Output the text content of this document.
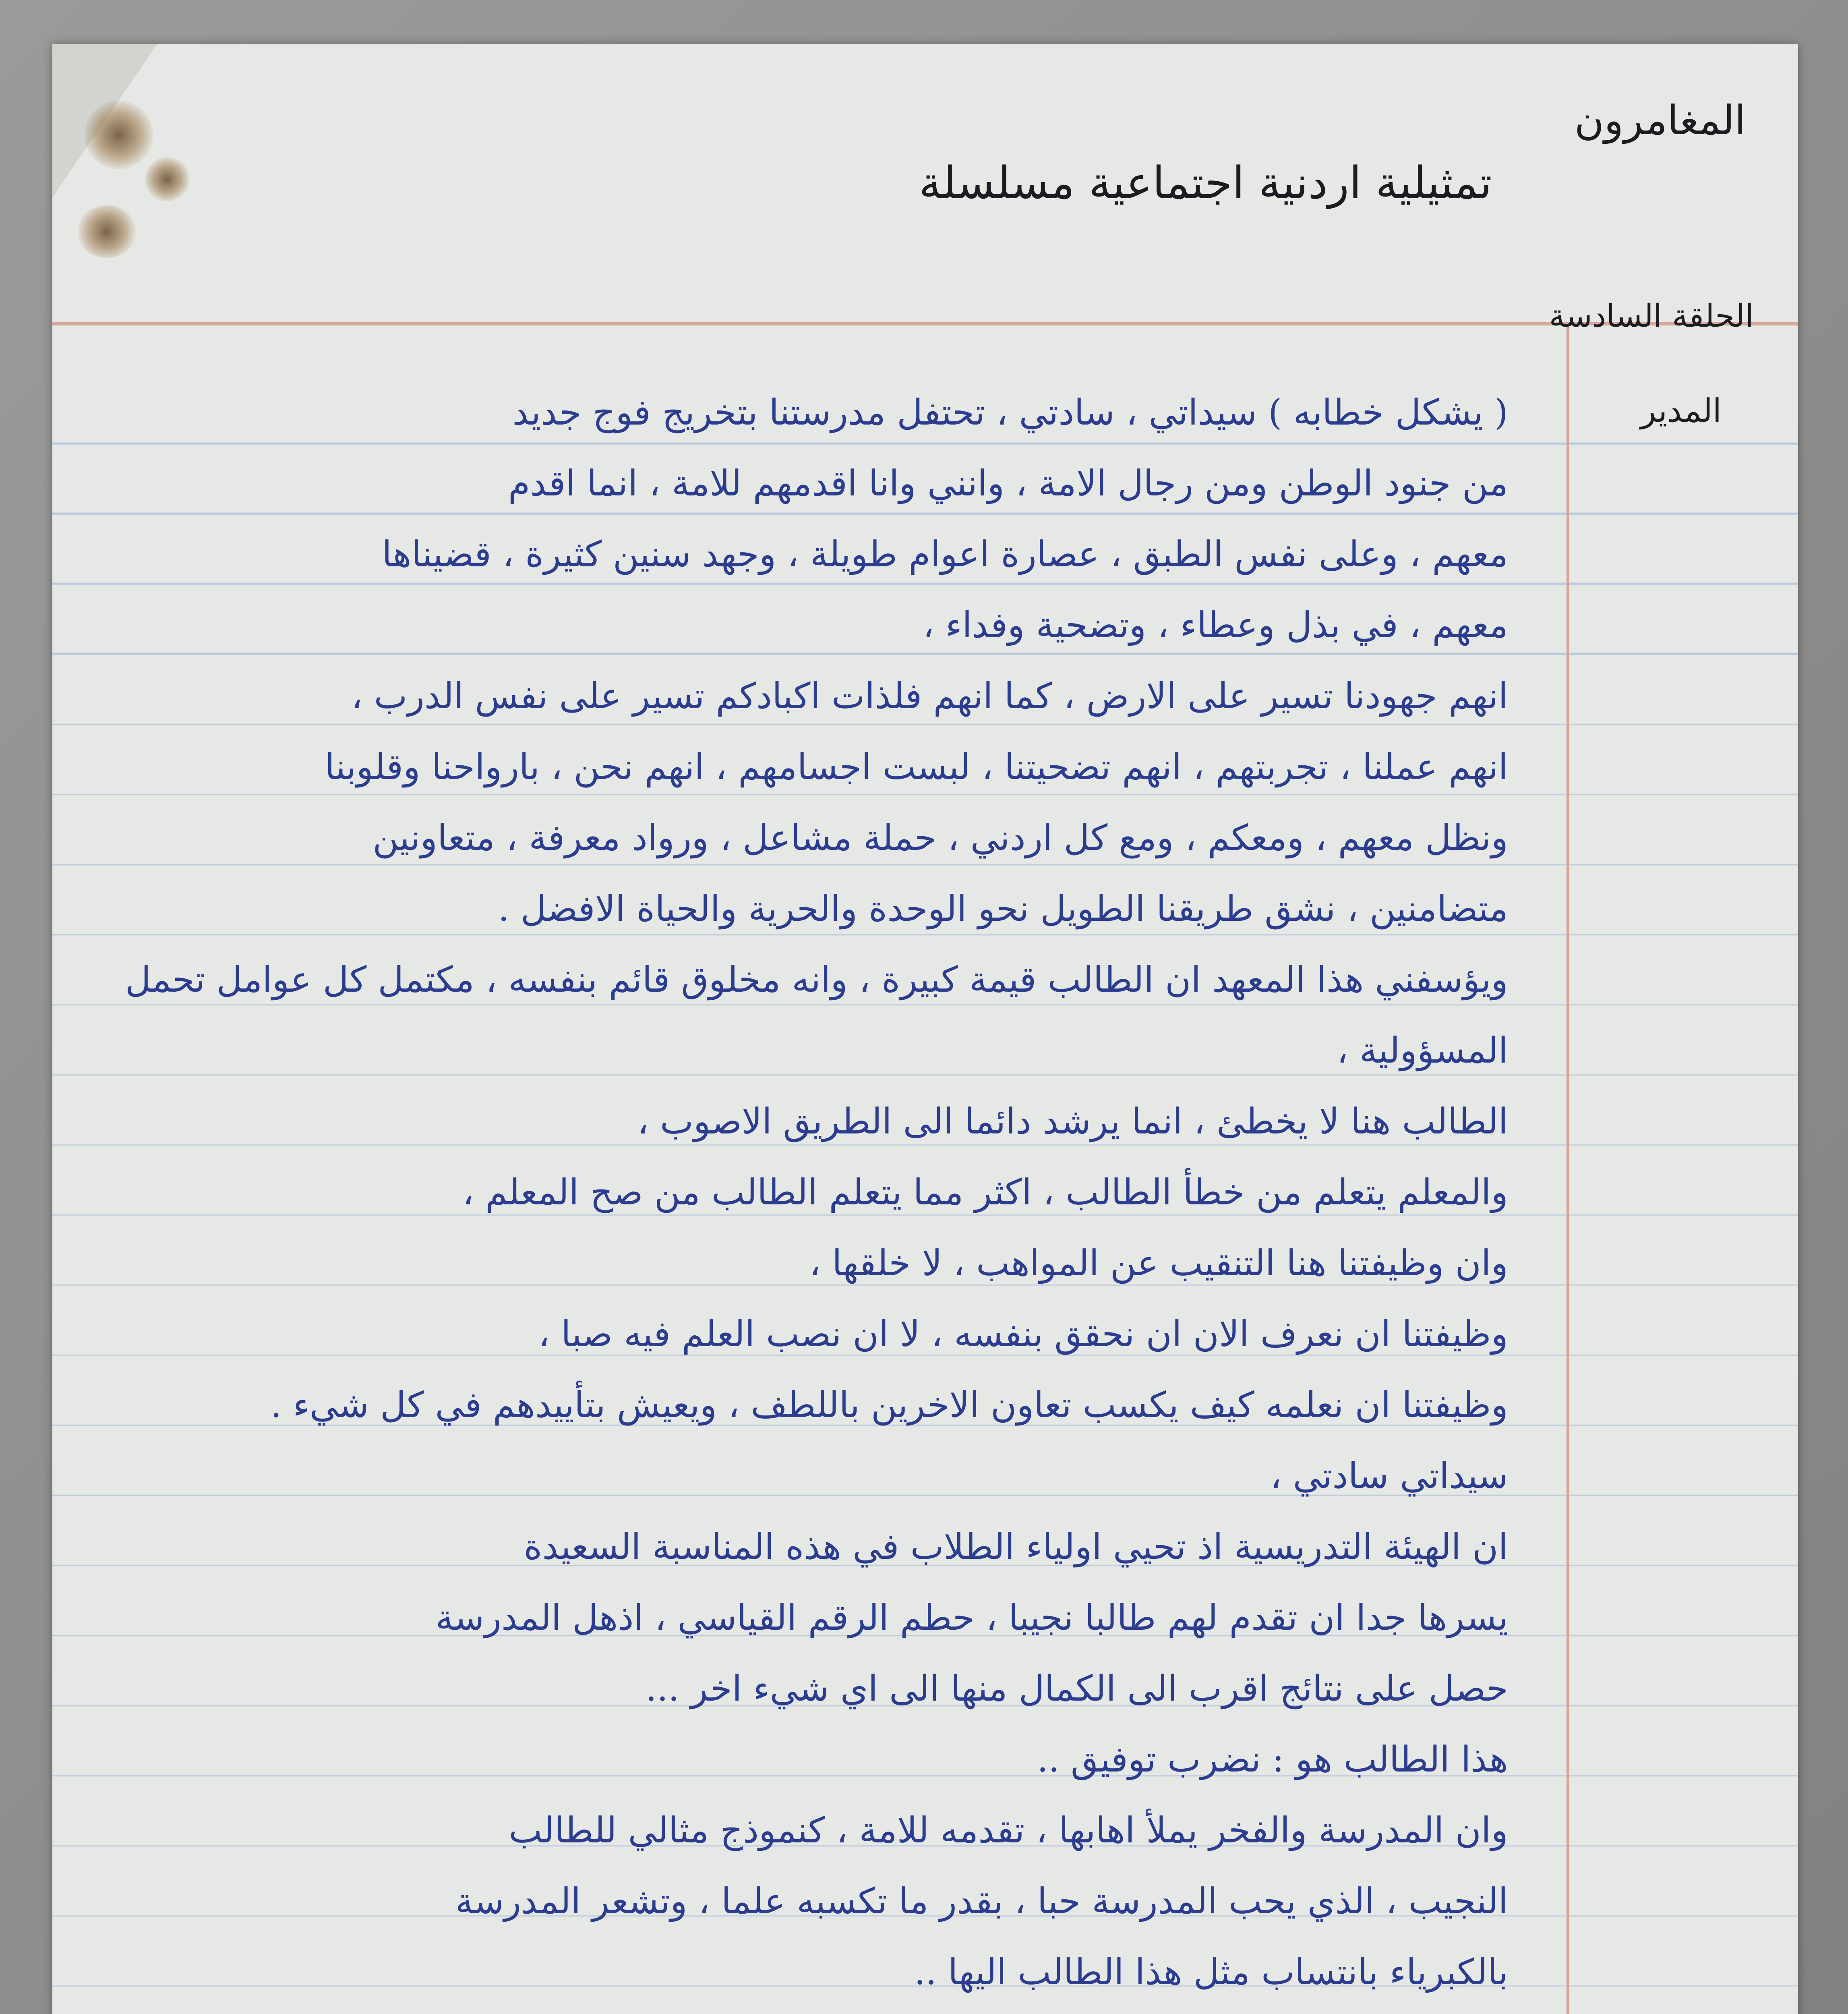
المغامرون
تمثيلية اردنية اجتماعية مسلسلة
الحلقة السادسة
المدير
( يشكل خطابه ) سيداتي ، سادتي ، تحتفل مدرستنا بتخريج فوج جديد
من جنود الوطن ومن رجال الامة ، وانني وانا اقدمهم للامة ، انما اقدم
معهم ، وعلى نفس الطبق ، عصارة اعوام طويلة ، وجهد سنين كثيرة ، قضيناها
معهم ، في بذل وعطاء ، وتضحية وفداء ،
انهم جهودنا تسير على الارض ، كما انهم فلذات اكبادكم تسير على نفس الدرب ،
انهم عملنا ، تجربتهم ، انهم تضحيتنا ، لبست اجسامهم ، انهم نحن ، بارواحنا وقلوبنا
ونظل معهم ، ومعكم ، ومع كل اردني ، حملة مشاعل ، ورواد معرفة ، متعاونين
متضامنين ، نشق طريقنا الطويل نحو الوحدة والحرية والحياة الافضل .
ويؤسفني هذا المعهد ان الطالب قيمة كبيرة ، وانه مخلوق قائم بنفسه ، مكتمل كل عوامل تحمل
المسؤولية ،
الطالب هنا لا يخطئ ، انما يرشد دائما الى الطريق الاصوب ،
والمعلم يتعلم من خطأ الطالب ، اكثر مما يتعلم الطالب من صح المعلم ،
وان وظيفتنا هنا التنقيب عن المواهب ، لا خلقها ،
وظيفتنا ان نعرف الان ان نحقق بنفسه ، لا ان نصب العلم فيه صبا ،
وظيفتنا ان نعلمه كيف يكسب تعاون الاخرين باللطف ، ويعيش بتأييدهم في كل شيء .
سيداتي سادتي ،
ان الهيئة التدريسية اذ تحيي اولياء الطلاب في هذه المناسبة السعيدة
يسرها جدا ان تقدم لهم طالبا نجيبا ، حطم الرقم القياسي ، اذهل المدرسة
حصل على نتائج اقرب الى الكمال منها الى اي شيء اخر ...
هذا الطالب هو : نضرب توفيق ..
وان المدرسة والفخر يملأ اهابها ، تقدمه للامة ، كنموذج مثالي للطالب
النجيب ، الذي يحب المدرسة حبا ، بقدر ما تكسبه علما ، وتشعر المدرسة
بالكبرياء بانتساب مثل هذا الطالب اليها ..
